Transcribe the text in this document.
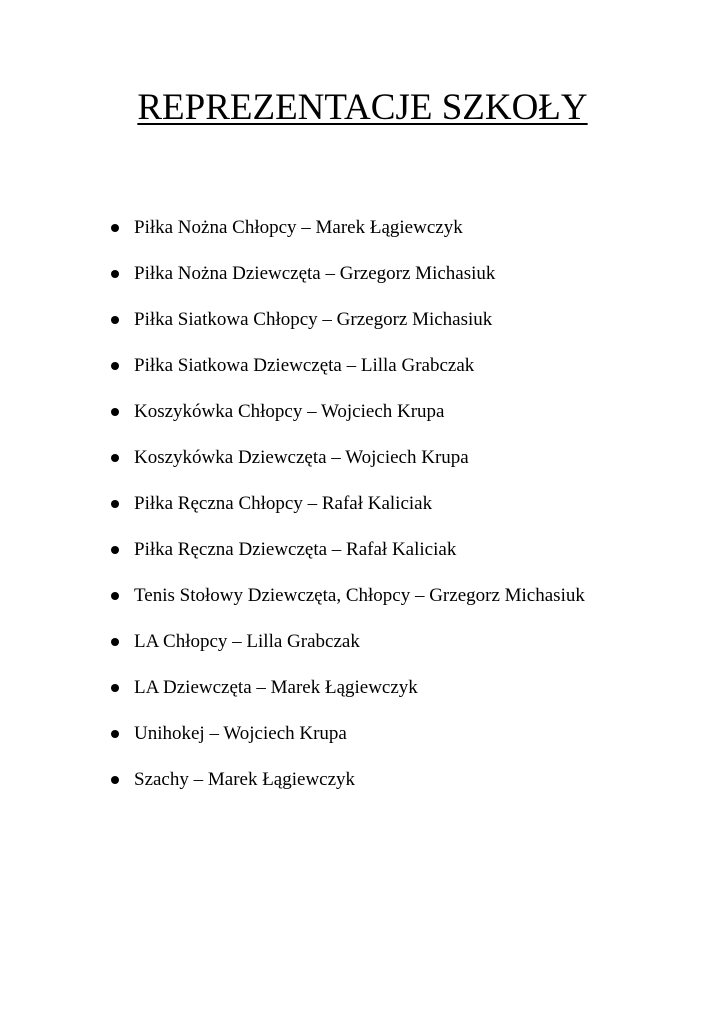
REPREZENTACJE SZKOŁY
Piłka Nożna Chłopcy – Marek Łągiewczyk
Piłka Nożna Dziewczęta – Grzegorz Michasiuk
Piłka Siatkowa Chłopcy – Grzegorz Michasiuk
Piłka Siatkowa Dziewczęta – Lilla Grabczak
Koszykówka Chłopcy – Wojciech Krupa
Koszykówka Dziewczęta – Wojciech Krupa
Piłka Ręczna Chłopcy – Rafał Kaliciak
Piłka Ręczna Dziewczęta – Rafał Kaliciak
Tenis Stołowy Dziewczęta, Chłopcy – Grzegorz Michasiuk
LA Chłopcy – Lilla Grabczak
LA Dziewczęta – Marek Łągiewczyk
Unihokej – Wojciech Krupa
Szachy – Marek Łągiewczyk
